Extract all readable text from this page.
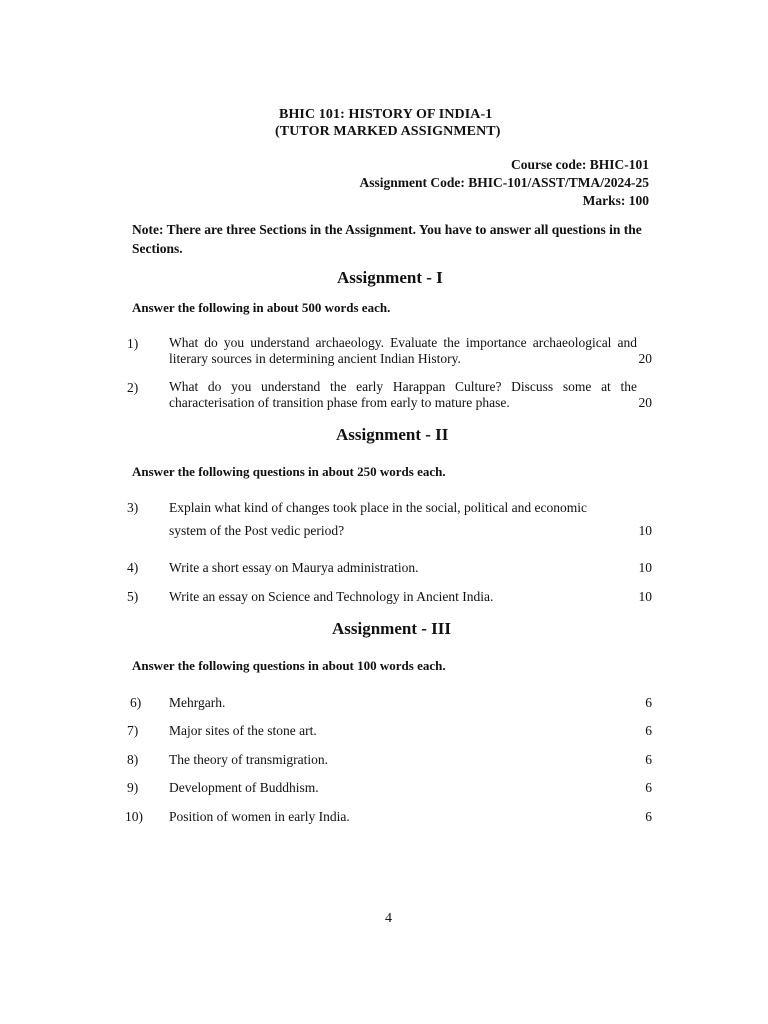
BHIC 101: HISTORY OF INDIA-1
(TUTOR MARKED ASSIGNMENT)
Course code: BHIC-101
Assignment Code: BHIC-101/ASST/TMA/2024-25
Marks: 100
Note: There are three Sections in the Assignment. You have to answer all questions in the Sections.
Assignment - I
Answer the following in about 500 words each.
1) What do you understand archaeology. Evaluate the importance archaeological and literary sources in determining ancient Indian History.	20
2) What do you understand the early Harappan Culture? Discuss some at the characterisation of transition phase from early to mature phase.	20
Assignment - II
Answer the following questions in about 250 words each.
3) Explain what kind of changes took place in the social, political and economic
system of the Post vedic period?	10
4) Write a short essay on Maurya administration.	10
5) Write an essay on Science and Technology in Ancient India.	10
Assignment - III
Answer the following questions in about 100 words each.
6) Mehrgarh.	6
7) Major sites of the stone art.	6
8) The theory of transmigration.	6
9) Development of Buddhism.	6
10) Position of women in early India.	6
4
